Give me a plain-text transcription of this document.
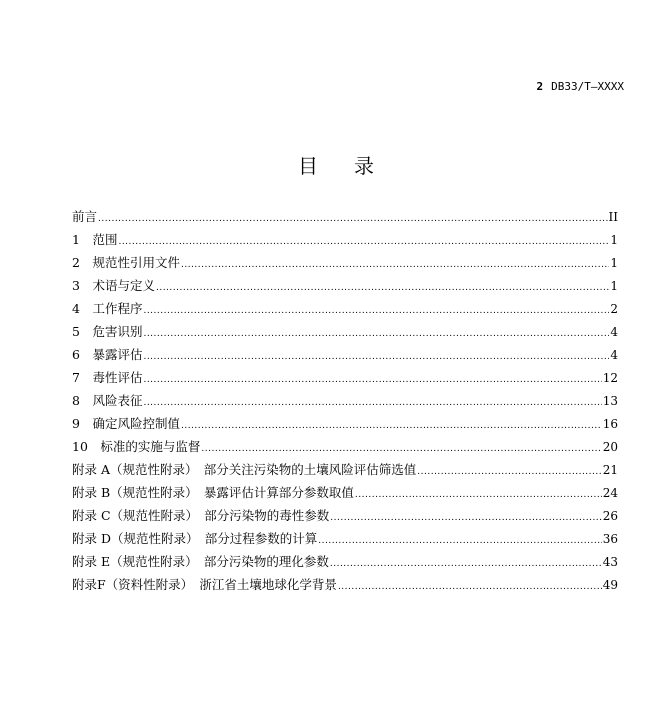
2 DB33/T—XXXX
目录
前言 .....	II
1　范围 .....	1
2　规范性引用文件 .....	1
3　术语与定义 .....	1
4　工作程序 .....	2
5　危害识别 .....	4
6　暴露评估 .....	4
7　毒性评估 .....	12
8　风险表征 .....	13
9　确定风险控制值 .....	16
10　标准的实施与监督 .....	20
附录 A（规范性附录）　部分关注污染物的土壤风险评估筛选值 .....	21
附录 B（规范性附录）　暴露评估计算部分参数取值 .....	24
附录 C（规范性附录）　部分污染物的毒性参数 .....	26
附录 D（规范性附录）　部分过程参数的计算 .....	36
附录 E（规范性附录）　部分污染物的理化参数 .....	43
附录F（资料性附录）　浙江省土壤地球化学背景 .....	49
